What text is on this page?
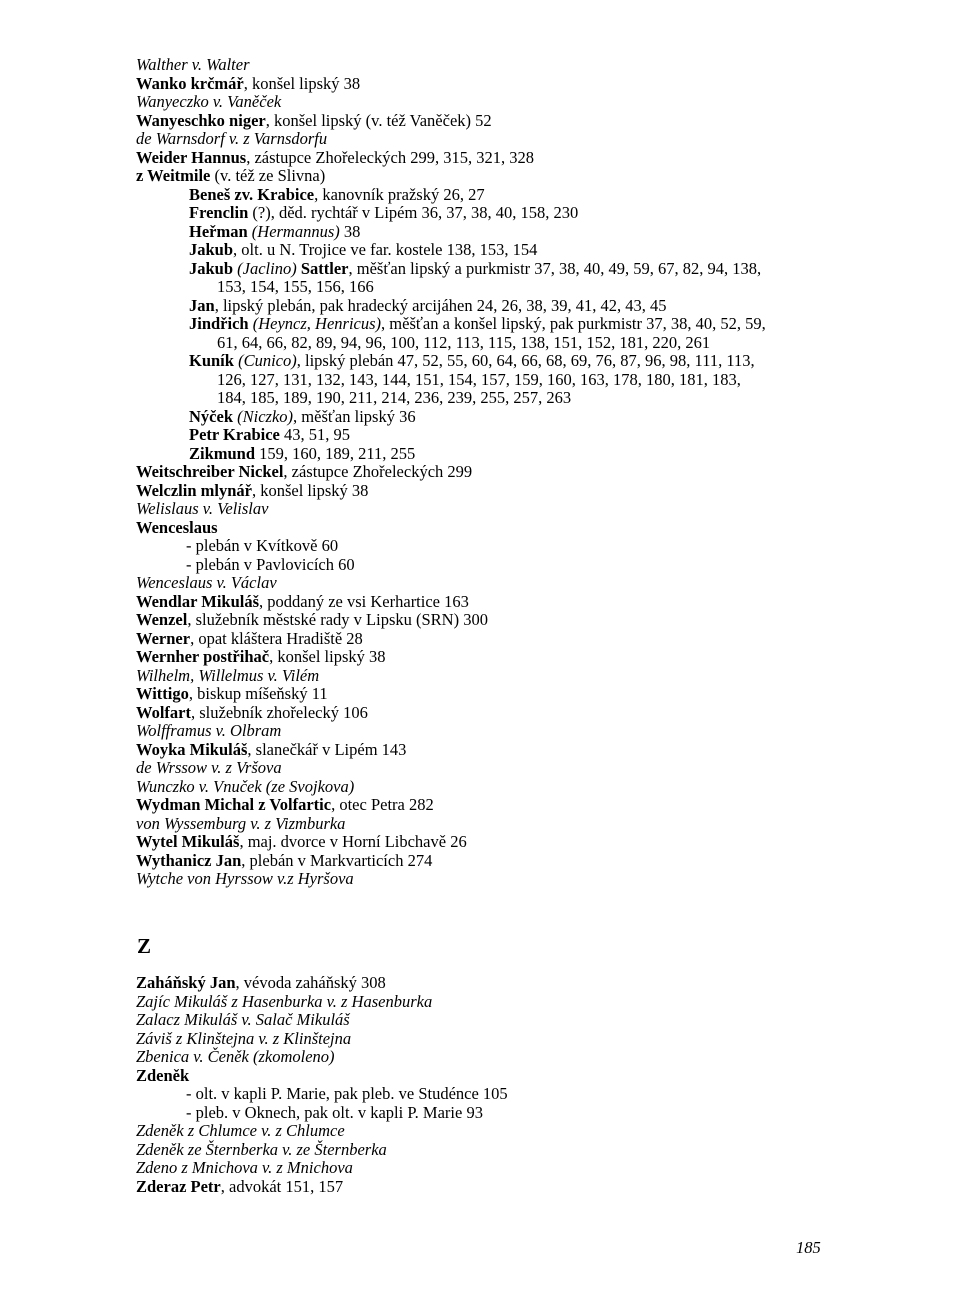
Walther v. Walter
Wanko krčmář, konšel lipský 38
Wanyeczko v. Vaněček
Wanyeschko niger, konšel lipský (v. též Vaněček) 52
de Warnsdorf v. z Varnsdorfu
Weider Hannus, zástupce Zhořeleckých 299, 315, 321, 328
z Weitmile (v. též ze Slivna)
Beneš zv. Krabice, kanovník pražský 26, 27
Frenclin (?), děd. rychtář v Lipém 36, 37, 38, 40, 158, 230
Heřman (Hermannus) 38
Jakub, olt. u N. Trojice ve far. kostele 138, 153, 154
Jakub (Jaclino) Sattler, měšťan lipský a purkmistr 37, 38, 40, 49, 59, 67, 82, 94, 138,
153, 154, 155, 156, 166
Jan, lipský plebán, pak hradecký arcijáhen 24, 26, 38, 39, 41, 42, 43, 45
Jindřich (Heyncz, Henricus), měšťan a konšel lipský, pak purkmistr 37, 38, 40, 52, 59,
61, 64, 66, 82, 89, 94, 96, 100, 112, 113, 115, 138, 151, 152, 181, 220, 261
Kuník (Cunico), lipský plebán 47, 52, 55, 60, 64, 66, 68, 69, 76, 87, 96, 98, 111, 113,
126, 127, 131, 132, 143, 144, 151, 154, 157, 159, 160, 163, 178, 180, 181, 183,
184, 185, 189, 190, 211, 214, 236, 239, 255, 257, 263
Nýček (Niczko), měšťan lipský 36
Petr Krabice 43, 51, 95
Zikmund 159, 160, 189, 211, 255
Weitschreiber Nickel, zástupce Zhořeleckých 299
Welczlin mlynář, konšel lipský 38
Welislaus v. Velislav
Wenceslaus
- plebán v Kvítkově 60
- plebán v Pavlovicích 60
Wenceslaus v. Václav
Wendlar Mikuláš, poddaný ze vsi Kerhartice 163
Wenzel, služebník městské rady v Lipsku (SRN) 300
Werner, opat kláštera Hradiště 28
Wernher postřihač, konšel lipský 38
Wilhelm, Willelmus v. Vilém
Wittigo, biskup míšeňský 11
Wolfart, služebník zhořelecký 106
Wolfframus v. Olbram
Woyka Mikuláš, slanečkář v Lipém 143
de Wrssow v. z Vršova
Wunczko v. Vnuček (ze Svojkova)
Wydman Michal z Volfartic, otec Petra 282
von Wyssemburg v. z Vizmburka
Wytel Mikuláš, maj. dvorce v Horní Libchavě 26
Wythanicz Jan, plebán v Markvarticích 274
Wytche von Hyrssow v.z Hyršova
Z
Zaháňský Jan, vévoda zaháňský 308
Zajíc Mikuláš z Hasenburka v. z Hasenburka
Zalacz Mikuláš v. Salač Mikuláš
Záviš z Klinštejna v. z Klinštejna
Zbenica v. Čeněk (zkomoleno)
Zdeněk
- olt. v kapli P. Marie, pak pleb. ve Studénce 105
- pleb. v Oknech, pak olt. v kapli P. Marie 93
Zdeněk z Chlumce v. z Chlumce
Zdeněk ze Šternberka v. ze Šternberka
Zdeno z Mnichova v. z Mnichova
Zderaz Petr, advokát 151, 157
185
